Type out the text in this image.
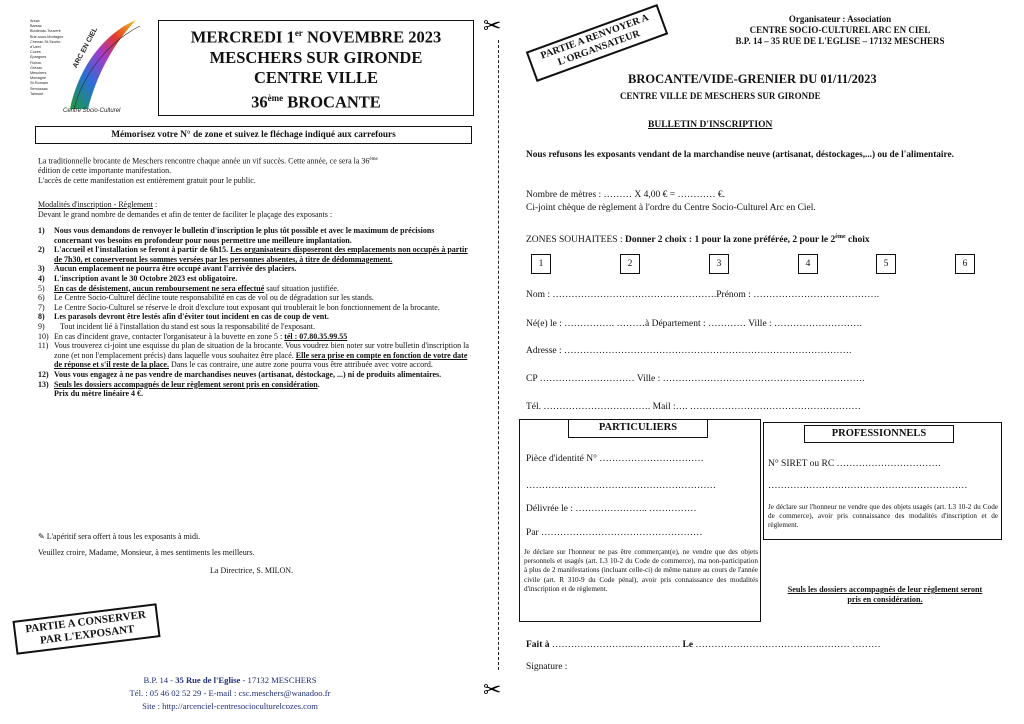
Arsac
Barsac
Boutenac-Touvent
Brie-sous-Mortagne
Chenac-St-Seurin-d'Uzet
Cozes
Epargnes
Floirac
Grézac
Meschers
Mortagne
St-Romain
Semussac
Talmont
ARC EN CIEL
Centre Socio-Culturel
MERCREDI 1er NOVEMBRE 2023
MESCHERS SUR GIRONDE
CENTRE VILLE
36ème BROCANTE
Mémorisez votre N° de zone et suivez le fléchage indiqué aux carrefours
La traditionnelle brocante de Meschers rencontre chaque année un vif succès. Cette année, ce sera la 36ème
édition de cette importante manifestation.
L'accès de cette manifestation est entièrement gratuit pour le public.
Modalités d'inscription - Règlement :
Devant le grand nombre de demandes et afin de tenter de faciliter le plaçage des exposants :
1)	Nous vous demandons de renvoyer le bulletin d'inscription le plus tôt possible et avec le maximum de précisions concernant vos besoins en profondeur pour nous permettre une meilleure implantation.
2)	L'accueil et l'installation se feront à partir de 6h15. Les organisateurs disposeront des emplacements non occupés à partir de 7h30, et conserveront les sommes versées par les personnes absentes, à titre de dédommagement.
3)	Aucun emplacement ne pourra être occupé avant l'arrivée des placiers.
4)	L'inscription avant le 30 Octobre 2023 est obligatoire.
5)	En cas de désistement, aucun remboursement ne sera effectué sauf situation justifiée.
6)	Le Centre Socio-Culturel décline toute responsabilité en cas de vol ou de dégradation sur les stands.
7)	Le Centre Socio-Culturel se réserve le droit d'exclure tout exposant qui troublerait le bon fonctionnement de la brocante.
8)	Les parasols devront être lestés afin d'éviter tout incident en cas de coup de vent.
9)	Tout incident lié à l'installation du stand est sous la responsabilité de l'exposant.
10) En cas d'incident grave, contacter l'organisateur à la buvette en zone 5 : tél : 07.80.35.99.55
11) Vous trouverez ci-joint une esquisse du plan de situation de la brocante. Vous voudrez bien noter sur votre bulletin d'inscription la zone (et non l'emplacement précis) dans laquelle vous souhaitez être placé. Elle sera prise en compte en fonction de votre date de réponse et s'il reste de la place. Dans le cas contraire, une autre zone pourra vous être attribuée avec votre accord.
12) Vous vous engagez à ne pas vendre de marchandises neuves (artisanat, déstockage, ...) ni de produits alimentaires.
13) Seuls les dossiers accompagnés de leur règlement seront pris en considération.
Prix du mètre linéaire 4 €.
✎ L'apéritif sera offert à tous les exposants à midi.
Veuillez croire, Madame, Monsieur, à mes sentiments les meilleurs.
La Directrice, S. MILON.
PARTIE A CONSERVER PAR L'EXPOSANT
B.P. 14 - 35 Rue de l'Eglise - 17132 MESCHERS
Tél. : 05 46 02 52 29 - E-mail : csc.meschers@wanadoo.fr
Site : http://arcenciel-centresocioculturelcozes.com
✂
✂
PARTIE A RENVOYER A L'ORGANSATEUR
Organisateur : Association
CENTRE SOCIO-CULTUREL ARC EN CIEL
B.P. 14 – 35 RUE DE L'EGLISE – 17132 MESCHERS
BROCANTE/VIDE-GRENIER DU 01/11/2023
CENTRE VILLE DE MESCHERS SUR GIRONDE
BULLETIN D'INSCRIPTION
Nous refusons les exposants vendant de la marchandise neuve (artisanat, déstockages,...) ou de l'alimentaire.
Nombre de mètres : ……… X 4,00 € = ………… €.
Ci-joint chèque de règlement à l'ordre du Centre Socio-Culturel Arc en Ciel.
ZONES SOUHAITEES : Donner 2 choix : 1 pour la zone préférée, 2 pour le 2ème choix
1	2	3	4	5	6
Nom : …………………………………………….Prénom : ………………………………….
Né(e) le : ……………. ………à Département : ………… Ville : ……………………….
Adresse : ……………………………………………………………………………….
CP ………………………… Ville : ……………………………………………………….
Tél. ……………………………. Mail :…. ………………………………………………
PARTICULIERS
Pièce d'identité N° ……………………………
……………………………………………………
Délivrée le : ………………….. ……………
Par ……………………………………………
Je déclare sur l'honneur ne pas être commerçant(e), ne vendre que des objets personnels et usagés (art. L3 10-2 du Code de commerce), ma non-participation à plus de 2 manifestations (incluant celle-ci) de même nature au cours de l'année civile (art. R 310-9 du Code pénal), avoir pris connaissance des modalités d'inscription et de règlement.
PROFESSIONNELS
N° SIRET ou RC ……………………………
………………………………………………………
Je déclare sur l'honneur ne vendre que des objets usagés (art. L3 10-2 du Code de commerce), avoir pris connaissance des modalités d'inscription et de règlement.
Seuls les dossiers accompagnés de leur règlement seront pris en considération.
Fait à …………………….……………. Le ………………………………….……… ………
Signature :
